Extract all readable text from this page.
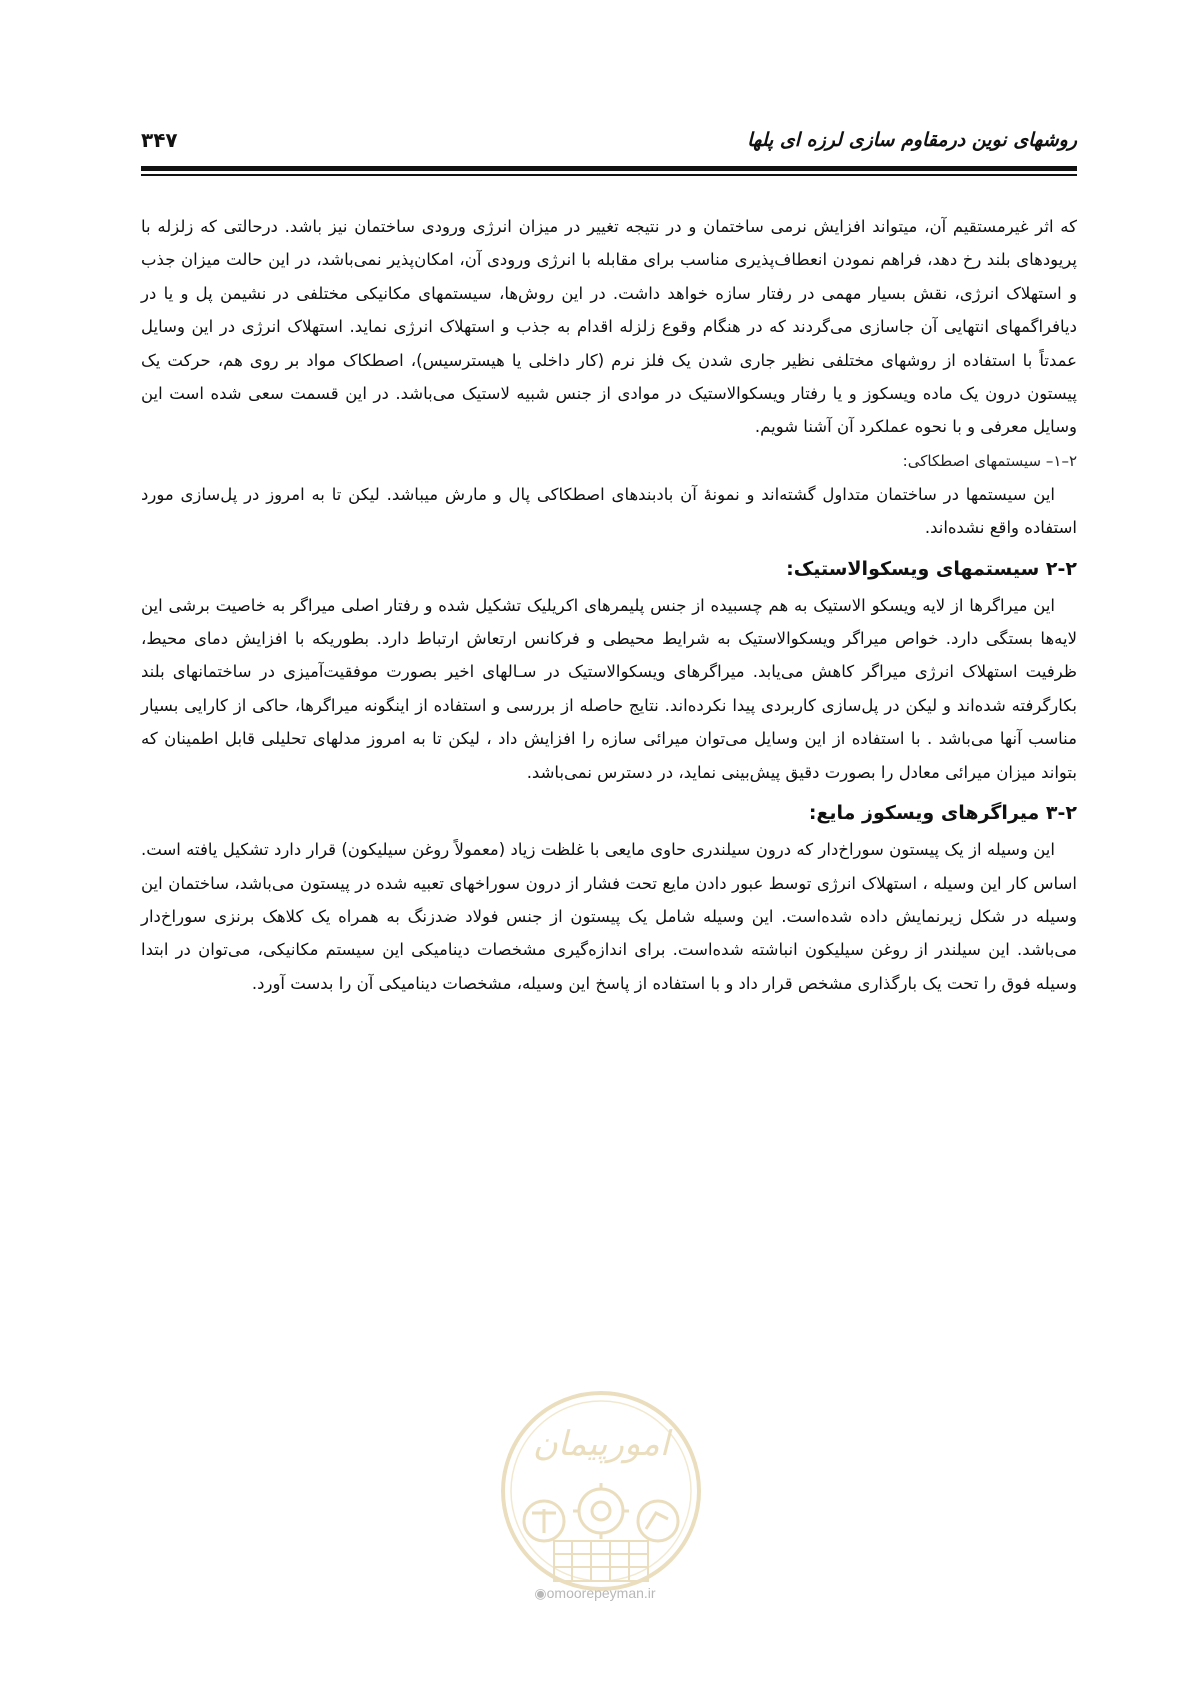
روشهای نوین درمقاوم سازی لرزه ای پلها
۳۴۷

که اثر غیرمستقیم آن، میتواند افزایش نرمی ساختمان و در نتیجه تغییر در میزان انرژی ورودی ساختمان نیز باشد. درحالتی که زلزله با پریودهای بلند رخ دهد، فراهم نمودن انعطاف‌پذیری مناسب برای مقابله با انرژی ورودی آن، امکان‌پذیر نمی‌باشد، در این حالت میزان جذب و استهلاک انرژی، نقش بسیار مهمی در رفتار سازه خواهد داشت. در این روش‌ها، سیستمهای مکانیکی مختلفی در نشیمن پل و یا در دیافراگمهای انتهایی آن جاسازی می‌گردند که در هنگام وقوع زلزله اقدام به جذب و استهلاک انرژی نماید. استهلاک انرژی در این وسایل عمدتاً با استفاده از روشهای مختلفی نظیر جاری شدن یک فلز نرم (کار داخلی یا هیسترسیس)، اصطکاک مواد بر روی هم، حرکت یک پیستون درون یک ماده ویسکوز و یا رفتار ویسکوالاستیک در موادی از جنس شبیه لاستیک می‌باشد. در این قسمت سعی شده است این وسایل معرفی و با نحوه عملکرد آن آشنا شویم.

۲–۱– سیستمهای اصطکاکی:

این سیستمها در ساختمان متداول گشته‌اند و نمونهٔ آن بادبندهای اصطکاکی پال و مارش میباشد. لیکن تا به امروز در پل‌سازی مورد استفاده واقع نشده‌اند.

۲-۲ سیستمهای ویسکوالاستیک:

این میراگرها از لایه ویسکو الاستیک به هم چسبیده از جنس پلیمرهای اکریلیک تشکیل شده و رفتار اصلی میراگر به خاصیت برشی این لایه‌ها بستگی دارد. خواص میراگر ویسکوالاستیک به شرایط محیطی و فرکانس ارتعاش ارتباط دارد. بطوریکه با افزایش دمای محیط، ظرفیت استهلاک انرژی میراگر کاهش می‌یابد. میراگرهای ویسکوالاستیک در سـالهای اخیر بصورت موفقیت‌آمیزی در ساختمانهای بلند بکارگرفته شده‌اند و لیکن در پل‌سازی کاربردی پیدا نکرده‌اند. نتایج حاصله از بررسی و استفاده از اینگونه میراگرها، حاکی از کارایی بسیار مناسب آنها می‌باشد . با استفاده از این وسایل می‌توان میرائی سازه را افزایش داد ، لیکن تا به امروز مدلهای تحلیلی قابل اطمینان که بتواند میزان میرائی معادل را بصورت دقیق پیش‌بینی نماید، در دسترس نمی‌باشد.

۳-۲ میراگرهای ویسکوز مایع:

این وسیله از یک پیستون سوراخ‌دار که درون سیلندری حاوی مایعی با غلظت زیاد (معمولاً روغن سیلیکون) قرار دارد تشکیل یافته است. اساس کار این وسیله ، استهلاک انرژی توسط عبور دادن مایع تحت فشار از درون سوراخهای تعبیه شده در پیستون می‌باشد، ساختمان این وسیله در شکل زیرنمایش داده شده‌است. این وسیله شامل یک پیستون از جنس فولاد ضدزنگ به همراه یک کلاهک برنزی سوراخ‌دار می‌باشد. این سیلندر از روغن سیلیکون انباشته شده‌است. برای اندازه‌گیری مشخصات دینامیکی این سیستم مکانیکی، می‌توان در ابتدا وسیله فوق را تحت یک بارگذاری مشخص قرار داد و با استفاده از پاسخ این وسیله، مشخصات دینامیکی آن را بدست آورد.

امورپیمان
◉omoorepeyman.ir
